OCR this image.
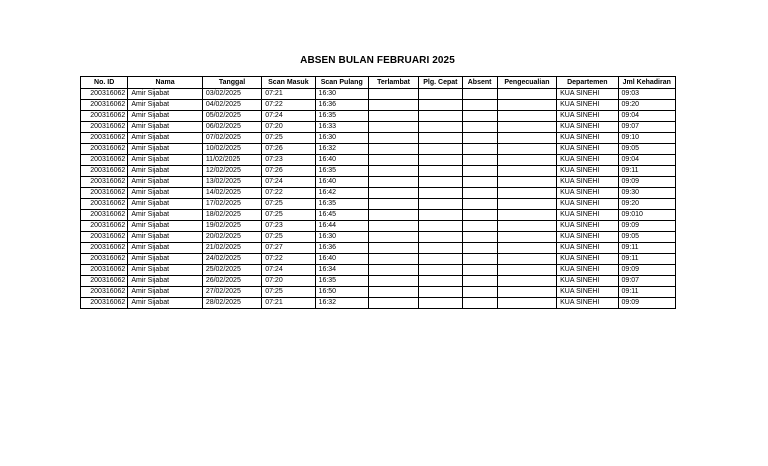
ABSEN BULAN FEBRUARI 2025
No. ID	Nama	Tanggal	Scan Masuk	Scan Pulang	Terlambat	Plg. Cepat	Absent	Pengecualian	Departemen	Jml Kehadiran
200316062	Amir Sijabat	03/02/2025	07:21	16:30					KUA SINEHI	09:03
200316062	Amir Sijabat	04/02/2025	07:22	16:36					KUA SINEHI	09:20
200316062	Amir Sijabat	05/02/2025	07:24	16:35					KUA SINEHI	09:04
200316062	Amir Sijabat	06/02/2025	07:20	16:33					KUA SINEHI	09:07
200316062	Amir Sijabat	07/02/2025	07:25	16:30					KUA SINEHI	09:10
200316062	Amir Sijabat	10/02/2025	07:26	16:32					KUA SINEHI	09:05
200316062	Amir Sijabat	11/02/2025	07:23	16:40					KUA SINEHI	09:04
200316062	Amir Sijabat	12/02/2025	07:26	16:35					KUA SINEHI	09:11
200316062	Amir Sijabat	13/02/2025	07:24	16:40					KUA SINEHI	09:09
200316062	Amir Sijabat	14/02/2025	07:22	16:42					KUA SINEHI	09:30
200316062	Amir Sijabat	17/02/2025	07:25	16:35					KUA SINEHI	09:20
200316062	Amir Sijabat	18/02/2025	07:25	16:45					KUA SINEHI	09:010
200316062	Amir Sijabat	19/02/2025	07:23	16:44					KUA SINEHI	09:09
200316062	Amir Sijabat	20/02/2025	07:25	16:30					KUA SINEHI	09:05
200316062	Amir Sijabat	21/02/2025	07:27	16:36					KUA SINEHI	09:11
200316062	Amir Sijabat	24/02/2025	07:22	16:40					KUA SINEHI	09:11
200316062	Amir Sijabat	25/02/2025	07:24	16:34					KUA SINEHI	09:09
200316062	Amir Sijabat	26/02/2025	07:20	16:35					KUA SINEHI	09:07
200316062	Amir Sijabat	27/02/2025	07:25	16:50					KUA SINEHI	09:11
200316062	Amir Sijabat	28/02/2025	07:21	16:32					KUA SINEHI	09:09
